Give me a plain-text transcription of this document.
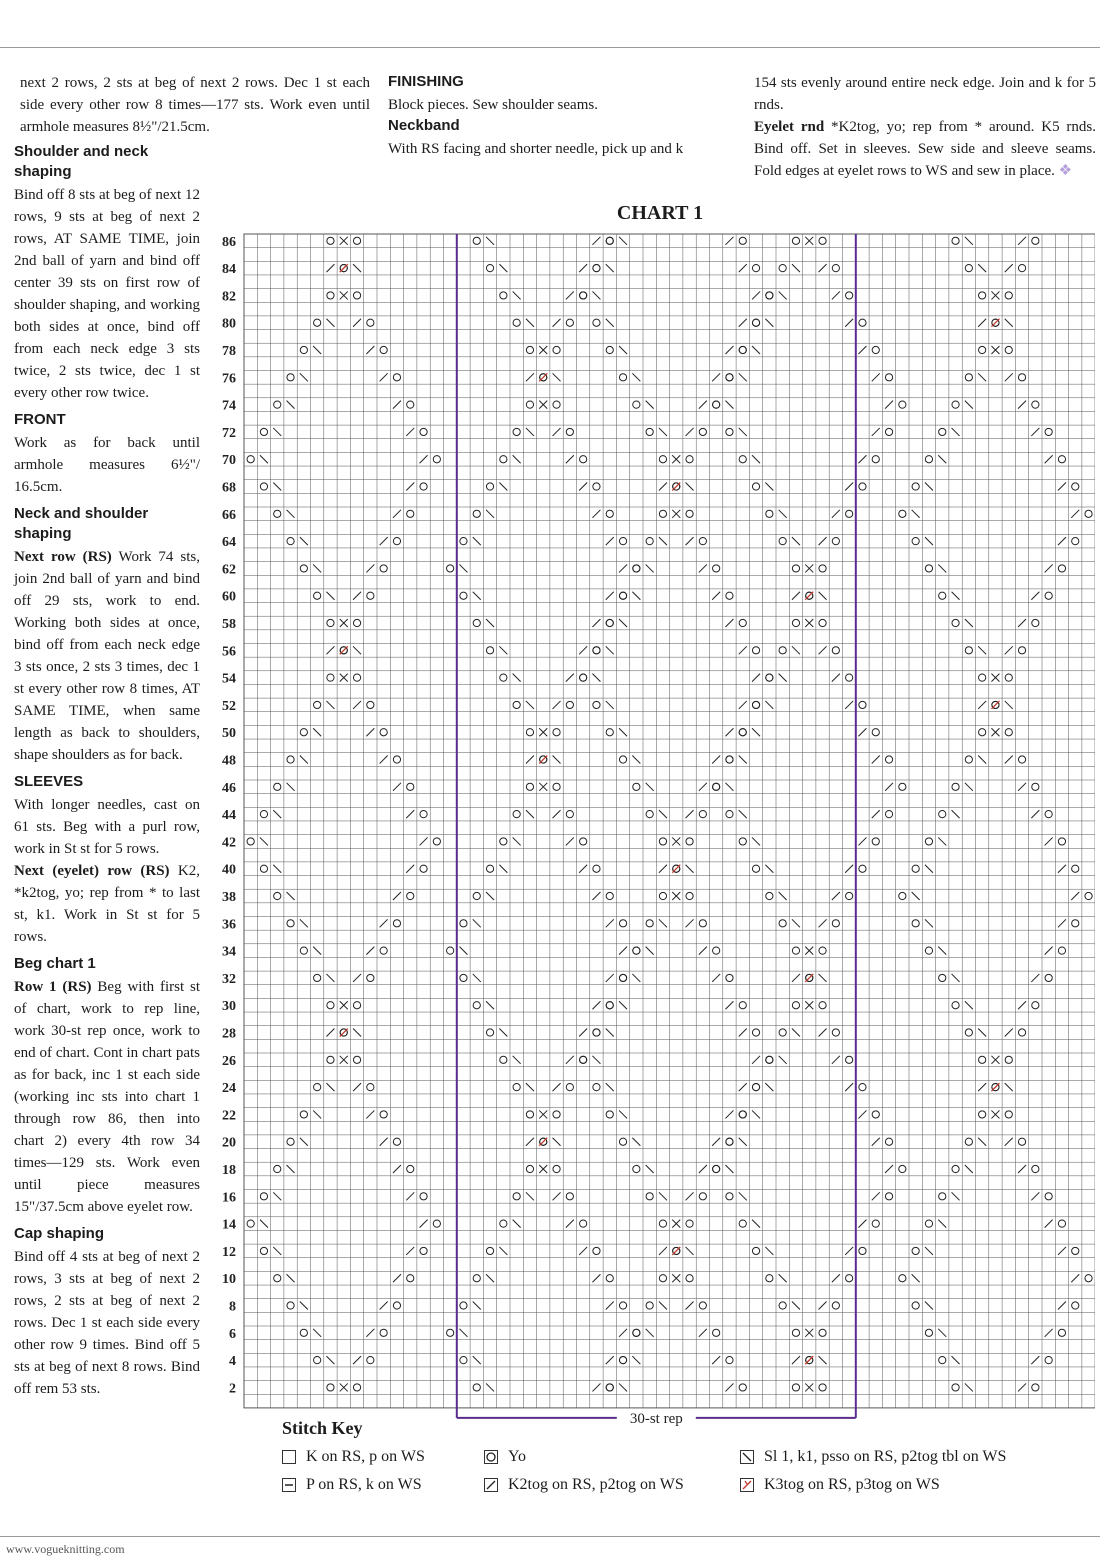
next 2 rows, 2 sts at beg of next 2 rows. Dec 1 st each side every other row 8 times—177 sts. Work even until armhole measures 8½"/21.5cm.

Shoulder and neck shaping

Bind off 8 sts at beg of next 12 rows, 9 sts at beg of next 2 rows, AT SAME TIME, join 2nd ball of yarn and bind off center 39 sts on first row of shoulder shaping, and working both sides at once, bind off from each neck edge 3 sts twice, 2 sts twice, dec 1 st every other row twice.

FRONT

Work as for back until armhole measures 6½"/ 16.5cm.

Neck and shoulder shaping

Next row (RS) Work 74 sts, join 2nd ball of yarn and bind off 29 sts, work to end. Working both sides at once, bind off from each neck edge 3 sts once, 2 sts 3 times, dec 1 st every other row 8 times, AT SAME TIME, when same length as back to shoulders, shape shoulders as for back.

SLEEVES

With longer needles, cast on 61 sts. Beg with a purl row, work in St st for 5 rows.

Next (eyelet) row (RS) K2, *k2tog, yo; rep from * to last st, k1. Work in St st for 5 rows.

Beg chart 1

Row 1 (RS) Beg with first st of chart, work to rep line, work 30-st rep once, work to end of chart. Cont in chart pats as for back, inc 1 st each side (working inc sts into chart 1 through row 86, then into chart 2) every 4th row 34 times—129 sts. Work even until piece measures 15"/37.5cm above eyelet row.

Cap shaping

Bind off 4 sts at beg of next 2 rows, 3 sts at beg of next 2 rows, 2 sts at beg of next 2 rows. Dec 1 st each side every other row 9 times. Bind off 5 sts at beg of next 8 rows. Bind off rem 53 sts.

FINISHING

Block pieces. Sew shoulder seams.

Neckband

With RS facing and shorter needle, pick up and k

154 sts evenly around entire neck edge. Join and k for 5 rnds.

Eyelet rnd *K2tog, yo; rep from * around. K5 rnds. Bind off. Set in sleeves. Sew side and sleeve seams. Fold edges at eyelet rows to WS and sew in place. ❖

CHART 1
2
4
6
8
10
12
14
16
18
20
22
24
26
28
30
32
34
36
38
40
42
44
46
48
50
52
54
56
58
60
62
64
66
68
70
72
74
76
78
80
82
84
86
30-st rep
Stitch Key
K on RS, p on WS
P on RS, k on WS
Yo
K2tog on RS, p2tog on WS
Sl 1, k1, psso on RS, p2tog tbl on WS
K3tog on RS, p3tog on WS
www.vogueknitting.com
